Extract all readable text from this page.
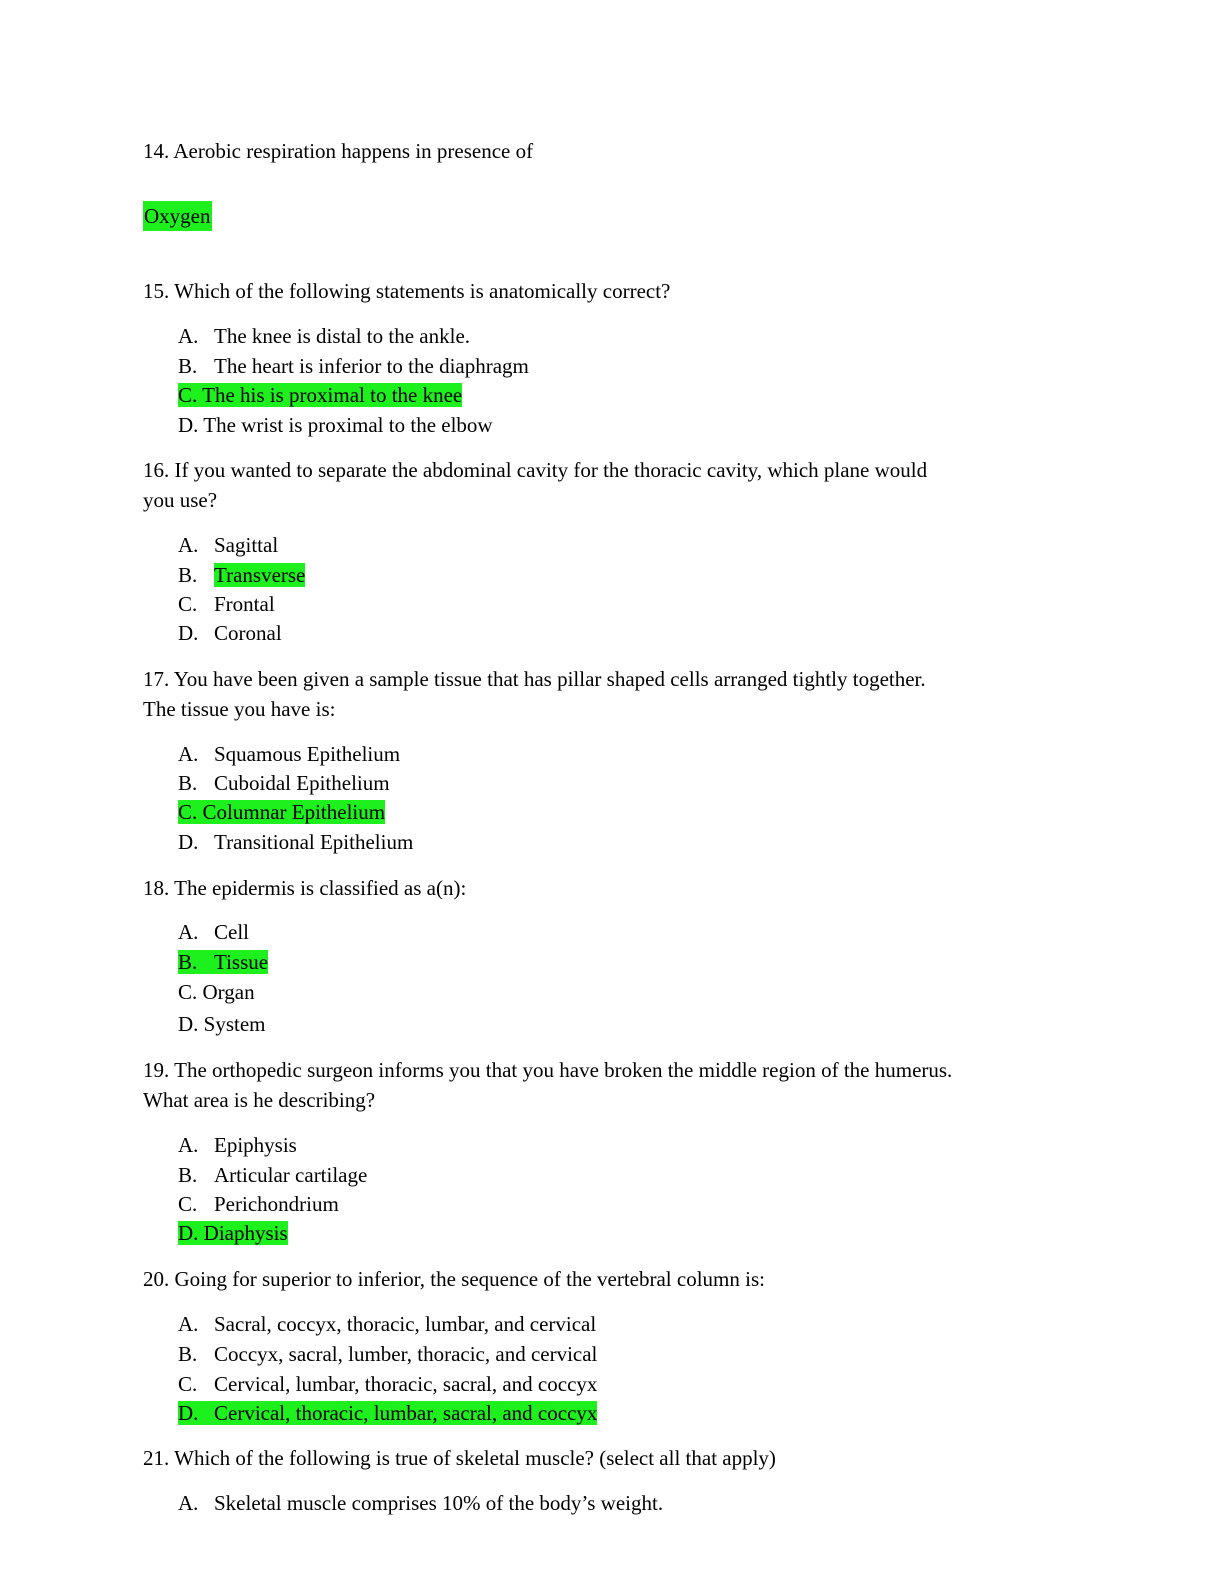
14. Aerobic respiration happens in presence of
Oxygen
15. Which of the following statements is anatomically correct?
A. The knee is distal to the ankle.
B. The heart is inferior to the diaphragm
C. The his is proximal to the knee
D. The wrist is proximal to the elbow
16. If you wanted to separate the abdominal cavity for the thoracic cavity, which plane would
you use?
A. Sagittal
B. Transverse
C. Frontal
D. Coronal
17. You have been given a sample tissue that has pillar shaped cells arranged tightly together.
The tissue you have is:
A. Squamous Epithelium
B. Cuboidal Epithelium
C. Columnar Epithelium
D. Transitional Epithelium
18. The epidermis is classified as a(n):
A. Cell
B. Tissue
C. Organ
D. System
19. The orthopedic surgeon informs you that you have broken the middle region of the humerus.
What area is he describing?
A. Epiphysis
B. Articular cartilage
C. Perichondrium
D. Diaphysis
20. Going for superior to inferior, the sequence of the vertebral column is:
A. Sacral, coccyx, thoracic, lumbar, and cervical
B. Coccyx, sacral, lumber, thoracic, and cervical
C. Cervical, lumbar, thoracic, sacral, and coccyx
D. Cervical, thoracic, lumbar, sacral, and coccyx
21. Which of the following is true of skeletal muscle? (select all that apply)
A. Skeletal muscle comprises 10% of the body’s weight.
